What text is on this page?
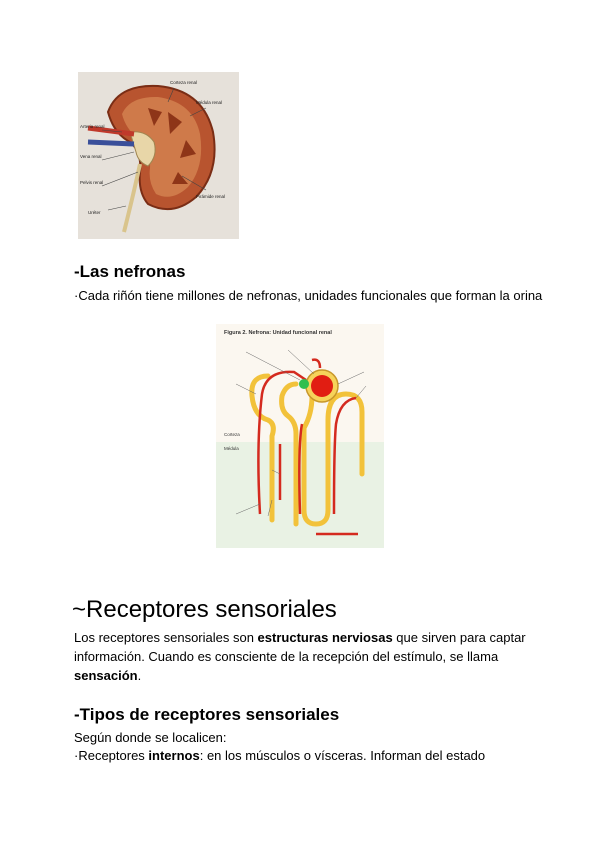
Arteria renal
Vena renal
Pelvis renal
Uréter
Corteza renal
Médula renal
Pirámide renal
-Las nefronas
·Cada riñón tiene millones de nefronas, unidades funcionales que forman la orina
Figura 2. Nefrona: Unidad funcional renal
Corteza
Médula
~Receptores sensoriales
Los receptores sensoriales son estructuras nerviosas que sirven para captar información. Cuando es consciente de la recepción del estímulo, se llama sensación.
-Tipos de receptores sensoriales
Según donde se localicen:
·Receptores internos: en los músculos o vísceras. Informan del estado
